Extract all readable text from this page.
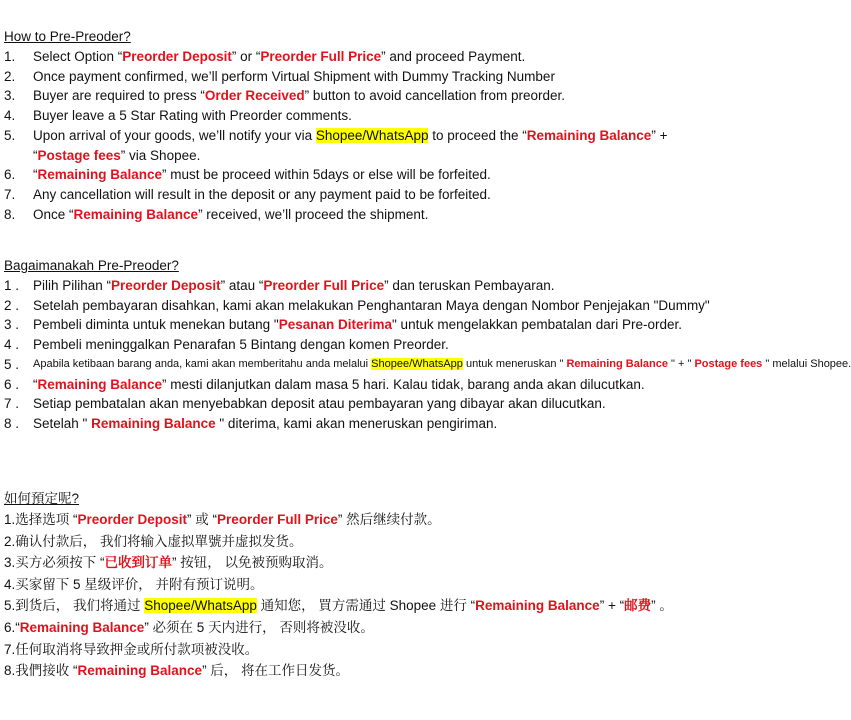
How to Pre-Preoder?
1.	Select Option “Preorder Deposit” or “Preorder Full Price” and proceed Payment.
2.	Once payment confirmed, we’ll perform Virtual Shipment with Dummy Tracking Number
3.	Buyer are required to press “Order Received” button to avoid cancellation from preorder.
4.	Buyer leave a 5 Star Rating with Preorder comments.
5.	Upon arrival of your goods, we’ll notify your via Shopee/WhatsApp to proceed the “Remaining Balance” + “Postage fees” via Shopee.
6.	“Remaining Balance” must be proceed within 5days or else will be forfeited.
7.	Any cancellation will result in the deposit or any payment paid to be forfeited.
8.	Once “Remaining Balance” received, we’ll proceed the shipment.
Bagaimanakah Pre-Preoder?
1 .	Pilih Pilihan “Preorder Deposit” atau “Preorder Full Price” dan teruskan Pembayaran.
2 .	Setelah pembayaran disahkan, kami akan melakukan Penghantaran Maya dengan Nombor Penjejakan "Dummy"
3 .	Pembeli diminta untuk menekan butang "Pesanan Diterima" untuk mengelakkan pembatalan dari Pre-order.
4 .	Pembeli meninggalkan Penarafan 5 Bintang dengan komen Preorder.
5 .	Apabila ketibaan barang anda, kami akan memberitahu anda melalui Shopee/WhatsApp untuk meneruskan " Remaining Balance " + " Postage fees " melalui Shopee.
6 .	“Remaining Balance” mesti dilanjutkan dalam masa 5 hari. Kalau tidak, barang anda akan dilucutkan.
7 .	Setiap pembatalan akan menyebabkan deposit atau pembayaran yang dibayar akan dilucutkan.
8 .	Setelah " Remaining Balance " diterima, kami akan meneruskan pengiriman.
如何預定呢?
1. 选择选项 “Preorder Deposit” 或 “Preorder Full Price” 然后继续付款。
2. 确认付款后， 我们将输入虚拟單號并虚拟发货。
3. 买方必须按下 “已收到订单” 按钮， 以免被预购取消。
4. 买家留下 5 星级评价， 并附有预订说明。
5. 到货后， 我们将通过 Shopee/WhatsApp 通知您， 買方需通过 Shopee 进行 “Remaining Balance” + “邮费” 。
6. “Remaining Balance” 必须在 5 天内进行， 否则将被没收。
7. 任何取消将导致押金或所付款项被没收。
8. 我們接收 “Remaining Balance” 后， 将在工作日发货。
